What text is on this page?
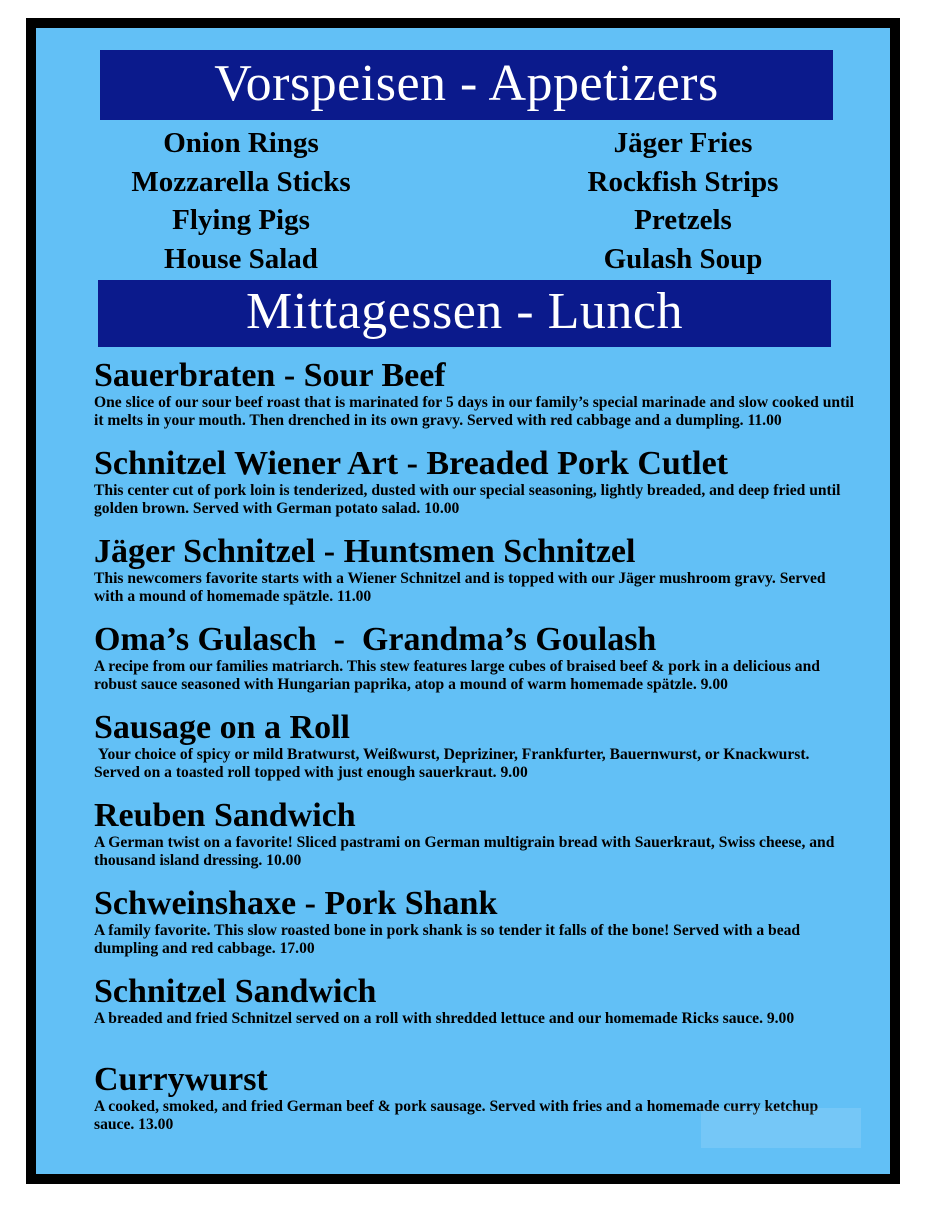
Vorspeisen - Appetizers
Onion Rings
Mozzarella Sticks
Flying Pigs
House Salad
Jäger Fries
Rockfish Strips
Pretzels
Gulash Soup
Mittagessen - Lunch
Sauerbraten - Sour Beef
One slice of our sour beef roast that is marinated for 5 days in our family’s special marinade and slow cooked until it melts in your mouth. Then drenched in its own gravy. Served with red cabbage and a dumpling. 11.00
Schnitzel Wiener Art - Breaded Pork Cutlet
This center cut of pork loin is tenderized, dusted with our special seasoning, lightly breaded, and deep fried until golden brown. Served with German potato salad. 10.00
Jäger Schnitzel - Huntsmen Schnitzel
This newcomers favorite starts with a Wiener Schnitzel and is topped with our Jäger mushroom gravy. Served with a mound of homemade spätzle. 11.00
Oma’s Gulasch  -  Grandma’s Goulash
A recipe from our families matriarch. This stew features large cubes of braised beef & pork in a delicious and robust sauce seasoned with Hungarian paprika, atop a mound of warm homemade spätzle. 9.00
Sausage on a Roll
Your choice of spicy or mild Bratwurst, Weißwurst, Depriziner, Frankfurter, Bauernwurst, or Knackwurst. Served on a toasted roll topped with just enough sauerkraut. 9.00
Reuben Sandwich
A German twist on a favorite! Sliced pastrami on German multigrain bread with Sauerkraut, Swiss cheese, and thousand island dressing. 10.00
Schweinshaxe - Pork Shank
A family favorite. This slow roasted bone in pork shank is so tender it falls of the bone! Served with a bead dumpling and red cabbage. 17.00
Schnitzel Sandwich
A breaded and fried Schnitzel served on a roll with shredded lettuce and our homemade Ricks sauce. 9.00
Currywurst
A cooked, smoked, and fried German beef & pork sausage. Served with fries and a homemade curry ketchup sauce. 13.00
